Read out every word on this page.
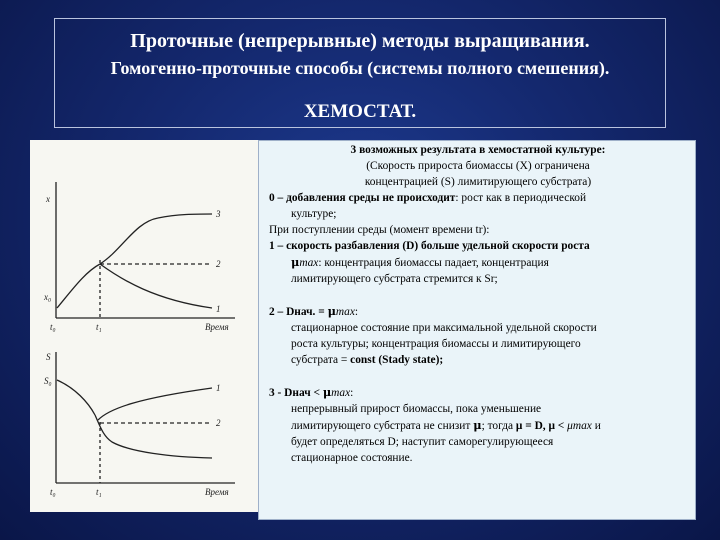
Проточные (непрерывные) методы выращивания.
Гомогенно-проточные способы (системы полного смешения).
ХЕМОСТАТ.
x
x₀
t₀	t₁	Время
3
2
1
S
S₀
t₀	t₁	Время
1
2

3 возможных результата в хемостатной культуре:

(Скорость прироста биомассы (X) ограничена

концентрацией (S) лимитирующего субстрата)

0 – добавления среды не происходит: рост как в периодической

культуре;

При поступлении среды (момент времени tr):

1 – скорость разбавления (D) больше удельной скорости роста

μmax: концентрация биомассы падает, концентрация

лимитирующего субстрата стремится к Sr;

2 – Dнач. = μmax:

стационарное состояние при максимальной удельной скорости

роста культуры; концентрация биомассы и лимитирующего

субстрата = const (Stady state);

3 - Dнач < μmax:

непрерывный прирост биомассы, пока уменьшение

лимитирующего субстрата не снизит μ; тогда μ = D, μ < μmax и

будет определяться D; наступит саморегулирующееся

стационарное состояние.
